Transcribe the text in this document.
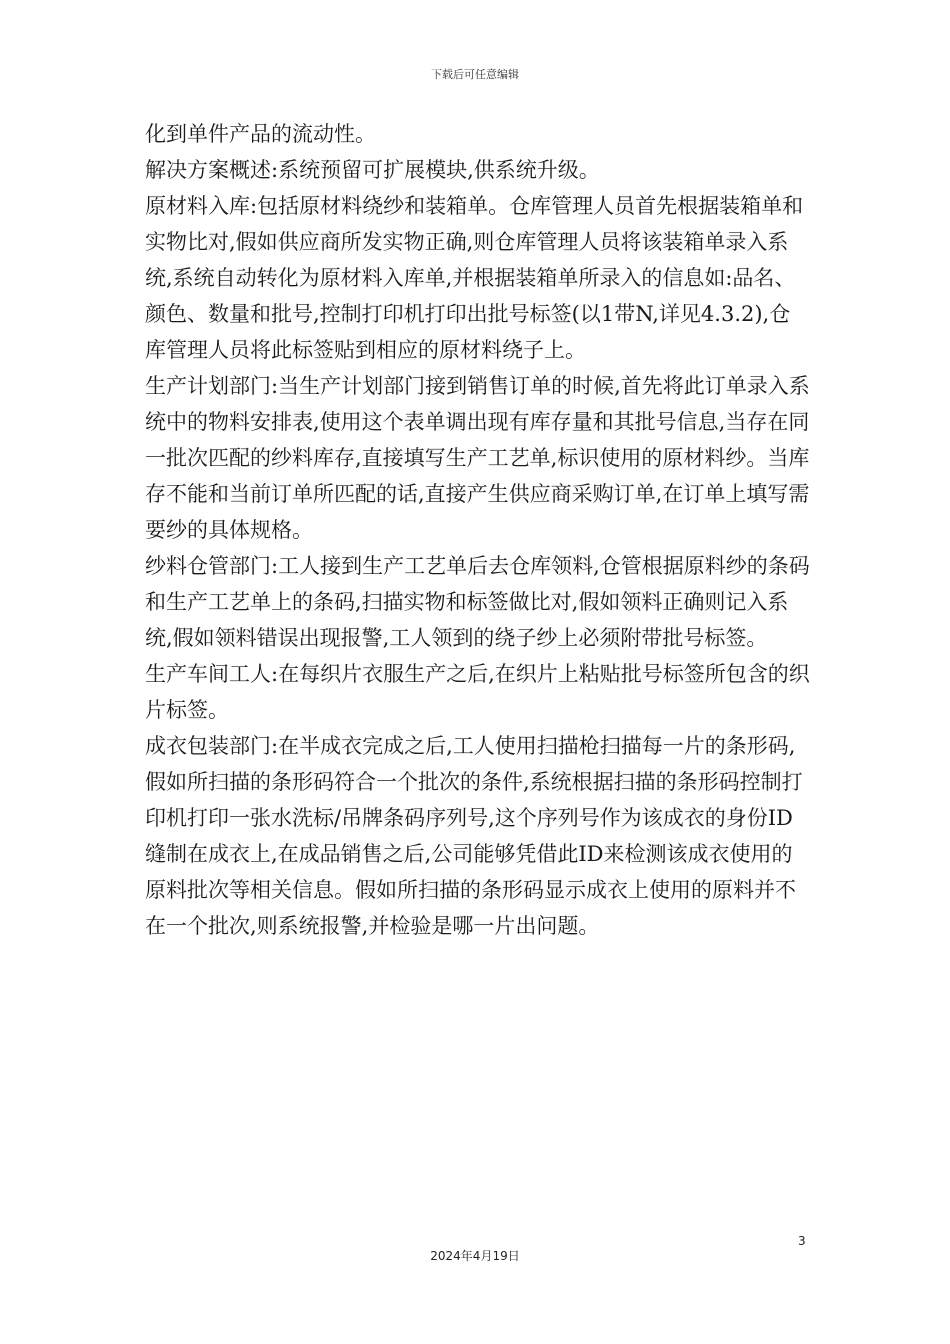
下载后可任意编辑

化到单件产品的流动性。

解决方案概述:系统预留可扩展模块,供系统升级。

原材料入库:包括原材料绕纱和装箱单。仓库管理人员首先根据装箱单和实物比对,假如供应商所发实物正确,则仓库管理人员将该装箱单录入系统,系统自动转化为原材料入库单,并根据装箱单所录入的信息如:品名、颜色、数量和批号,控制打印机打印出批号标签(以1带N,详见4.3.2),仓库管理人员将此标签贴到相应的原材料绕子上。

生产计划部门:当生产计划部门接到销售订单的时候,首先将此订单录入系统中的物料安排表,使用这个表单调出现有库存量和其批号信息,当存在同一批次匹配的纱料库存,直接填写生产工艺单,标识使用的原材料纱。当库存不能和当前订单所匹配的话,直接产生供应商采购订单,在订单上填写需要纱的具体规格。

纱料仓管部门:工人接到生产工艺单后去仓库领料,仓管根据原料纱的条码和生产工艺单上的条码,扫描实物和标签做比对,假如领料正确则记入系统,假如领料错误出现报警,工人领到的绕子纱上必须附带批号标签。

生产车间工人:在每织片衣服生产之后,在织片上粘贴批号标签所包含的织片标签。

成衣包装部门:在半成衣完成之后,工人使用扫描枪扫描每一片的条形码,假如所扫描的条形码符合一个批次的条件,系统根据扫描的条形码控制打印机打印一张水洗标/吊牌条码序列号,这个序列号作为该成衣的身份ID缝制在成衣上,在成品销售之后,公司能够凭借此ID来检测该成衣使用的原料批次等相关信息。假如所扫描的条形码显示成衣上使用的原料并不在一个批次,则系统报警,并检验是哪一片出问题。

3
2024年4月19日
